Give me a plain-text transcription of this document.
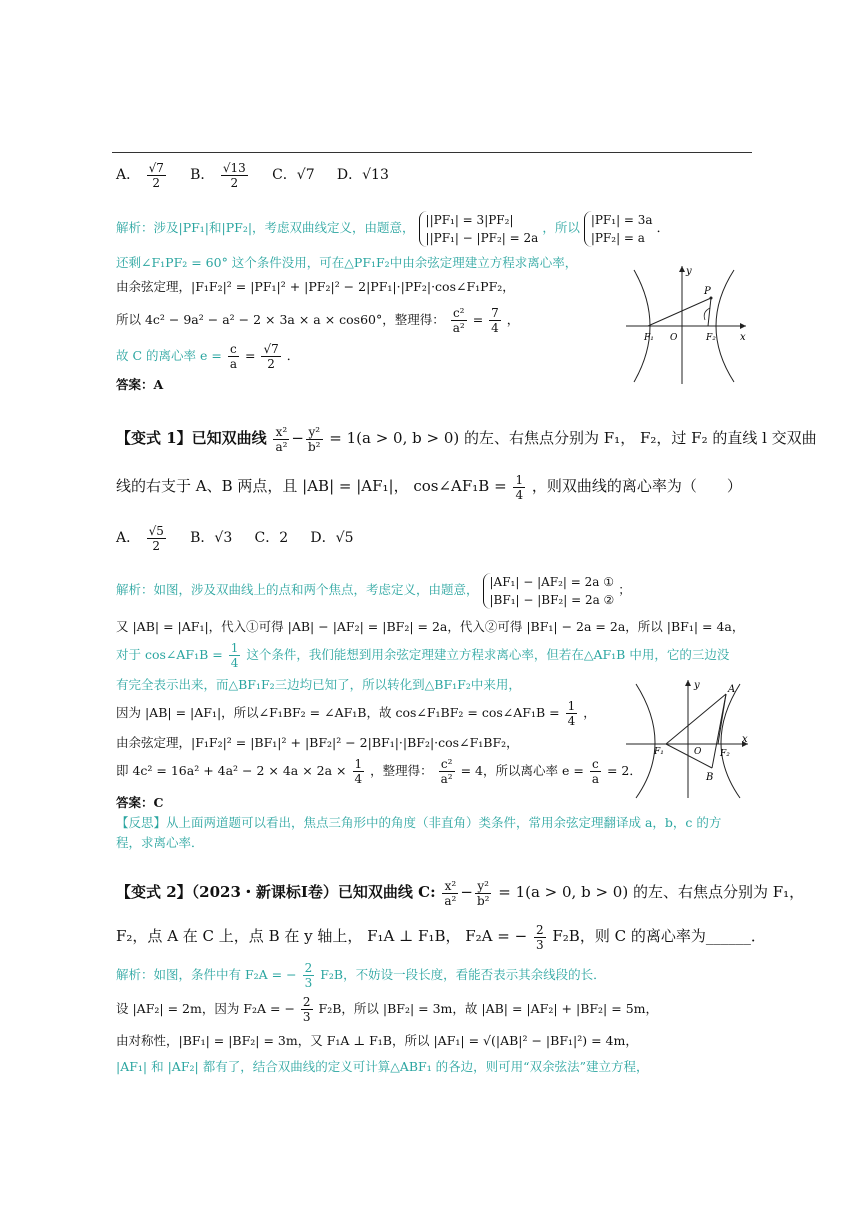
A． $\frac{√7}{2}$ B． $\frac{√13}{2}$ C．√7 D．√13
解析：涉及|PF₁|和|PF₂|，考虑双曲线定义，由题意，
||PF₁| = 3|PF₂|
||PF₁| − |PF₂| = 2a
，所以
|PF₁| = 3a
|PF₂| = a
．
还剩∠F₁PF₂ = 60° 这个条件没用，可在△PF₁F₂中由余弦定理建立方程求离心率，
由余弦定理，|F₁F₂|² = |PF₁|² + |PF₂|² − 2|PF₁|·|PF₂|·cos∠F₁PF₂，
所以 4c² − 9a² − a² − 2 × 3a × a × cos60°，整理得： $\frac{\text{c²}}{\text{a²}} = \frac{7}{4}$ ，
故 C 的离心率 $e = \frac{c}{a} = \frac{√7}{2}$ ．
答案：A
y
x
P
F₁ O	F₂
【变式 1】已知双曲线 $\frac{\text{x²}}{\text{a²}} - \frac{\text{y²}}{\text{b²}} = 1(a > 0$, b > 0) 的左、右焦点分别为 F₁， F₂，过 F₂ 的直线 l 交双曲
线的右支于 A、B 两点，且 |AB| = |AF₁|， cos∠AF₁B = $\frac{1}{4}$ ，则双曲线的离心率为（　　）
A． $\frac{√5}{2}$ B．√3 C．2 D．√5
解析：如图，涉及双曲线上的点和两个焦点，考虑定义，由题意，
|AF₁| − |AF₂| = 2a ①
|BF₁| − |BF₂| = 2a ②
；
又 |AB| = |AF₁|，代入①可得 |AB| − |AF₂| = |BF₂| = 2a，代入②可得 |BF₁| − 2a = 2a，所以 |BF₁| = 4a，
对于 cos∠AF₁B = $\frac{1}{4}$ 这个条件，我们能想到用余弦定理建立方程求离心率，但若在△AF₁B 中用，它的三边没
有完全表示出来，而△BF₁F₂三边均已知了，所以转化到△BF₁F₂中来用，
因为 |AB| = |AF₁|，所以∠F₁BF₂ = ∠AF₁B，故 cos∠F₁BF₂ = cos∠AF₁B = $\frac{1}{4}$ ，
由余弦定理，|F₁F₂|² = |BF₁|² + |BF₂|² − 2|BF₁|·|BF₂|·cos∠F₁BF₂，
即 $4c^2 = 16a^2 + 4a^2 - 2 \times 4a \times 2a \times \frac{1}{4}$ ，整理得： $\frac{\text{c²}}{\text{a²}} = 4$，所以离心率 $e = \frac{c}{a} = 2$．
答案：C
【反思】从上面两道题可以看出，焦点三角形中的角度（非直角）类条件，常用余弦定理翻译成 a，b，c 的方
程，求离心率．
y
x
A
F₁	O F₂
B
【变式 2】（2023・新课标Ⅰ卷）已知双曲线 C: $\frac{\text{x²}}{\text{a²}} - \frac{\text{y²}}{\text{b²}} = 1(a > 0$, b > 0) 的左、右焦点分别为 F₁，
F₂，点 A 在 C 上，点 B 在 y 轴上， F₁A ⊥ F₁B， F₂A = − $\frac{2}{3} F_2B$，则 C 的离心率为______．
解析：如图，条件中有 F₂A = − $\frac{2}{3} F_2B$，不妨设一段长度，看能否表示其余线段的长．
设 |AF₂| = 2m，因为 F₂A = − $\frac{2}{3} F_2B$，所以 |BF₂| = 3m，故 |AB| = |AF₂| + |BF₂| = 5m，
由对称性，|BF₁| = |BF₂| = 3m，又 F₁A ⊥ F₁B，所以 |AF₁| = √(|AB|² − |BF₁|²) = 4m，
|AF₁| 和 |AF₂| 都有了，结合双曲线的定义可计算△ABF₁ 的各边，则可用“双余弦法”建立方程，
